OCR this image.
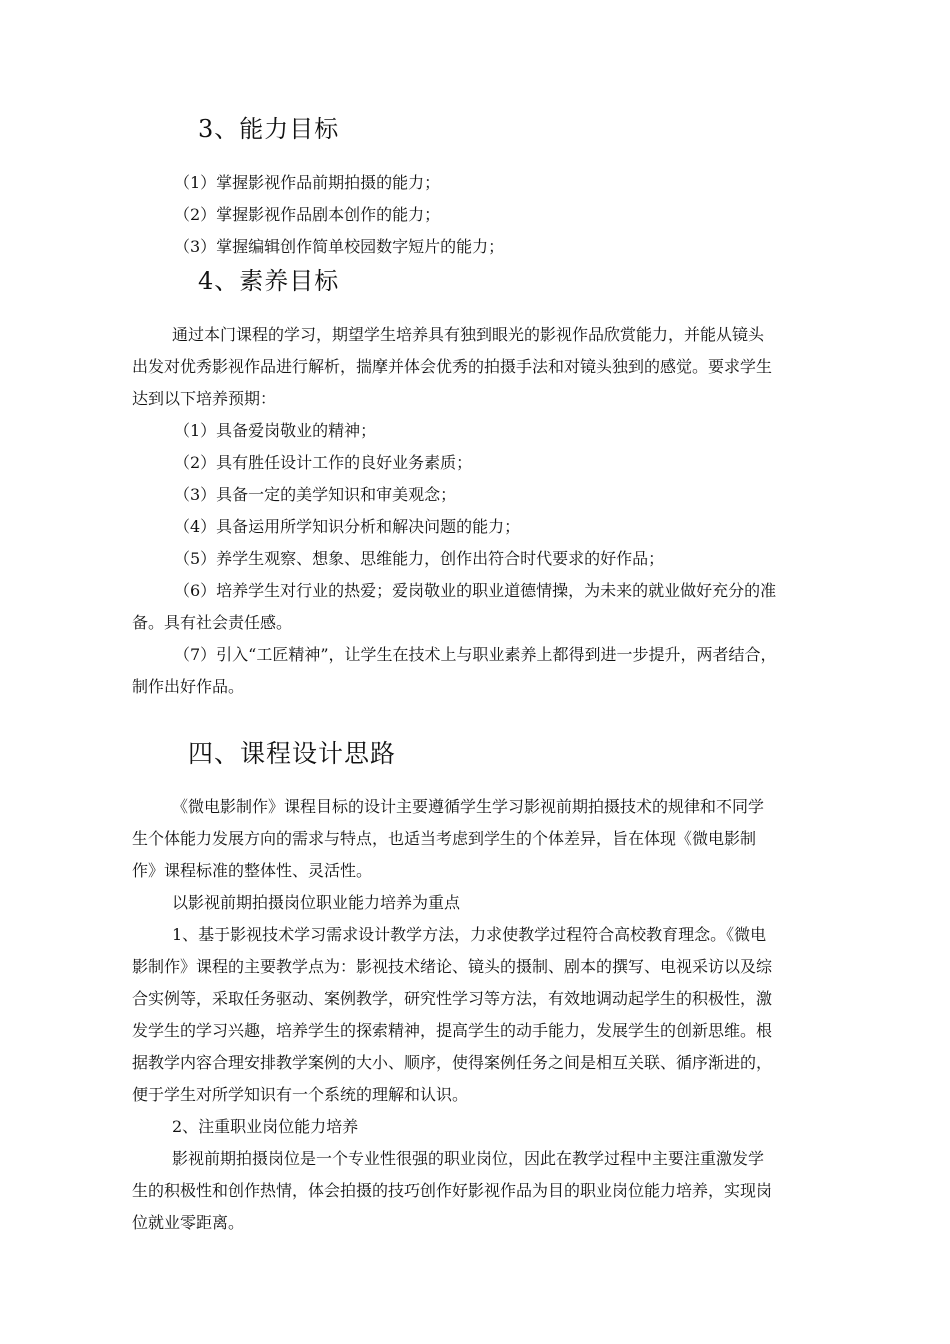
3、能力目标
（1）掌握影视作品前期拍摄的能力；
（2）掌握影视作品剧本创作的能力；
（3）掌握编辑创作简单校园数字短片的能力；
4、素养目标
通过本门课程的学习，期望学生培养具有独到眼光的影视作品欣赏能力，并能从镜头
出发对优秀影视作品进行解析，揣摩并体会优秀的拍摄手法和对镜头独到的感觉。要求学生
达到以下培养预期：
（1）具备爱岗敬业的精神；
（2）具有胜任设计工作的良好业务素质；
（3）具备一定的美学知识和审美观念；
（4）具备运用所学知识分析和解决问题的能力；
（5）养学生观察、想象、思维能力，创作出符合时代要求的好作品；
（6）培养学生对行业的热爱；爱岗敬业的职业道德情操，为未来的就业做好充分的准
备。具有社会责任感。
（7）引入“工匠精神”，让学生在技术上与职业素养上都得到进一步提升，两者结合，
制作出好作品。
四、课程设计思路
《微电影制作》课程目标的设计主要遵循学生学习影视前期拍摄技术的规律和不同学
生个体能力发展方向的需求与特点，也适当考虑到学生的个体差异，旨在体现《微电影制
作》课程标准的整体性、灵活性。
以影视前期拍摄岗位职业能力培养为重点
1、基于影视技术学习需求设计教学方法，力求使教学过程符合高校教育理念。《微电
影制作》课程的主要教学点为：影视技术绪论、镜头的摄制、剧本的撰写、电视采访以及综
合实例等，采取任务驱动、案例教学，研究性学习等方法，有效地调动起学生的积极性，激
发学生的学习兴趣，培养学生的探索精神，提高学生的动手能力，发展学生的创新思维。根
据教学内容合理安排教学案例的大小、顺序，使得案例任务之间是相互关联、循序渐进的，
便于学生对所学知识有一个系统的理解和认识。
2、注重职业岗位能力培养
影视前期拍摄岗位是一个专业性很强的职业岗位，因此在教学过程中主要注重激发学
生的积极性和创作热情，体会拍摄的技巧创作好影视作品为目的职业岗位能力培养，实现岗
位就业零距离。
